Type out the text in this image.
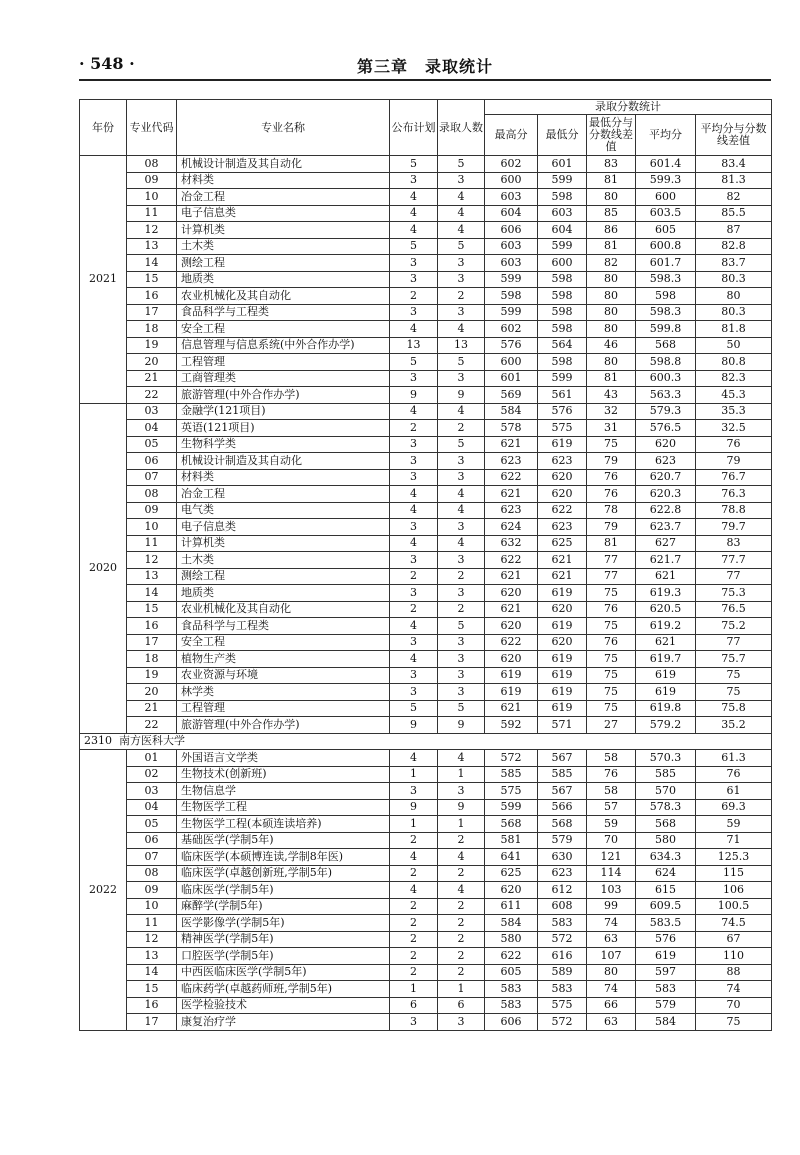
· 548 ·	第三章　录取统计
年份	专业代码	专业名称	公布计划	录取人数	录取分数统计				
					最高分	最低分	最低分与分数线差值	平均分	平均分与分数线差值
2021	08	机械设计制造及其自动化	5	5	602	601	83	601.4	83.4
	09	材料类	3	3	600	599	81	599.3	81.3
	10	冶金工程	4	4	603	598	80	600	82
	11	电子信息类	4	4	604	603	85	603.5	85.5
	12	计算机类	4	4	606	604	86	605	87
	13	土木类	5	5	603	599	81	600.8	82.8
	14	测绘工程	3	3	603	600	82	601.7	83.7
	15	地质类	3	3	599	598	80	598.3	80.3
	16	农业机械化及其自动化	2	2	598	598	80	598	80
	17	食品科学与工程类	3	3	599	598	80	598.3	80.3
	18	安全工程	4	4	602	598	80	599.8	81.8
	19	信息管理与信息系统(中外合作办学)	13	13	576	564	46	568	50
	20	工程管理	5	5	600	598	80	598.8	80.8
	21	工商管理类	3	3	601	599	81	600.3	82.3
	22	旅游管理(中外合作办学)	9	9	569	561	43	563.3	45.3
2020	03	金融学(121项目)	4	4	584	576	32	579.3	35.3
	04	英语(121项目)	2	2	578	575	31	576.5	32.5
	05	生物科学类	3	5	621	619	75	620	76
	06	机械设计制造及其自动化	3	3	623	623	79	623	79
	07	材料类	3	3	622	620	76	620.7	76.7
	08	冶金工程	4	4	621	620	76	620.3	76.3
	09	电气类	4	4	623	622	78	622.8	78.8
	10	电子信息类	3	3	624	623	79	623.7	79.7
	11	计算机类	4	4	632	625	81	627	83
	12	土木类	3	3	622	621	77	621.7	77.7
	13	测绘工程	2	2	621	621	77	621	77
	14	地质类	3	3	620	619	75	619.3	75.3
	15	农业机械化及其自动化	2	2	621	620	76	620.5	76.5
	16	食品科学与工程类	4	5	620	619	75	619.2	75.2
	17	安全工程	3	3	622	620	76	621	77
	18	植物生产类	4	3	620	619	75	619.7	75.7
	19	农业资源与环境	3	3	619	619	75	619	75
	20	林学类	3	3	619	619	75	619	75
	21	工程管理	5	5	621	619	75	619.8	75.8
	22	旅游管理(中外合作办学)	9	9	592	571	27	579.2	35.2
2310 南方医科大学									
2022	01	外国语言文学类	4	4	572	567	58	570.3	61.3
	02	生物技术(创新班)	1	1	585	585	76	585	76
	03	生物信息学	3	3	575	567	58	570	61
	04	生物医学工程	9	9	599	566	57	578.3	69.3
	05	生物医学工程(本硕连读培养)	1	1	568	568	59	568	59
	06	基础医学(学制5年)	2	2	581	579	70	580	71
	07	临床医学(本硕博连读,学制8年医)	4	4	641	630	121	634.3	125.3
	08	临床医学(卓越创新班,学制5年)	2	2	625	623	114	624	115
	09	临床医学(学制5年)	4	4	620	612	103	615	106
	10	麻醉学(学制5年)	2	2	611	608	99	609.5	100.5
	11	医学影像学(学制5年)	2	2	584	583	74	583.5	74.5
	12	精神医学(学制5年)	2	2	580	572	63	576	67
	13	口腔医学(学制5年)	2	2	622	616	107	619	110
	14	中西医临床医学(学制5年)	2	2	605	589	80	597	88
	15	临床药学(卓越药师班,学制5年)	1	1	583	583	74	583	74
	16	医学检验技术	6	6	583	575	66	579	70
	17	康复治疗学	3	3	606	572	63	584	75
